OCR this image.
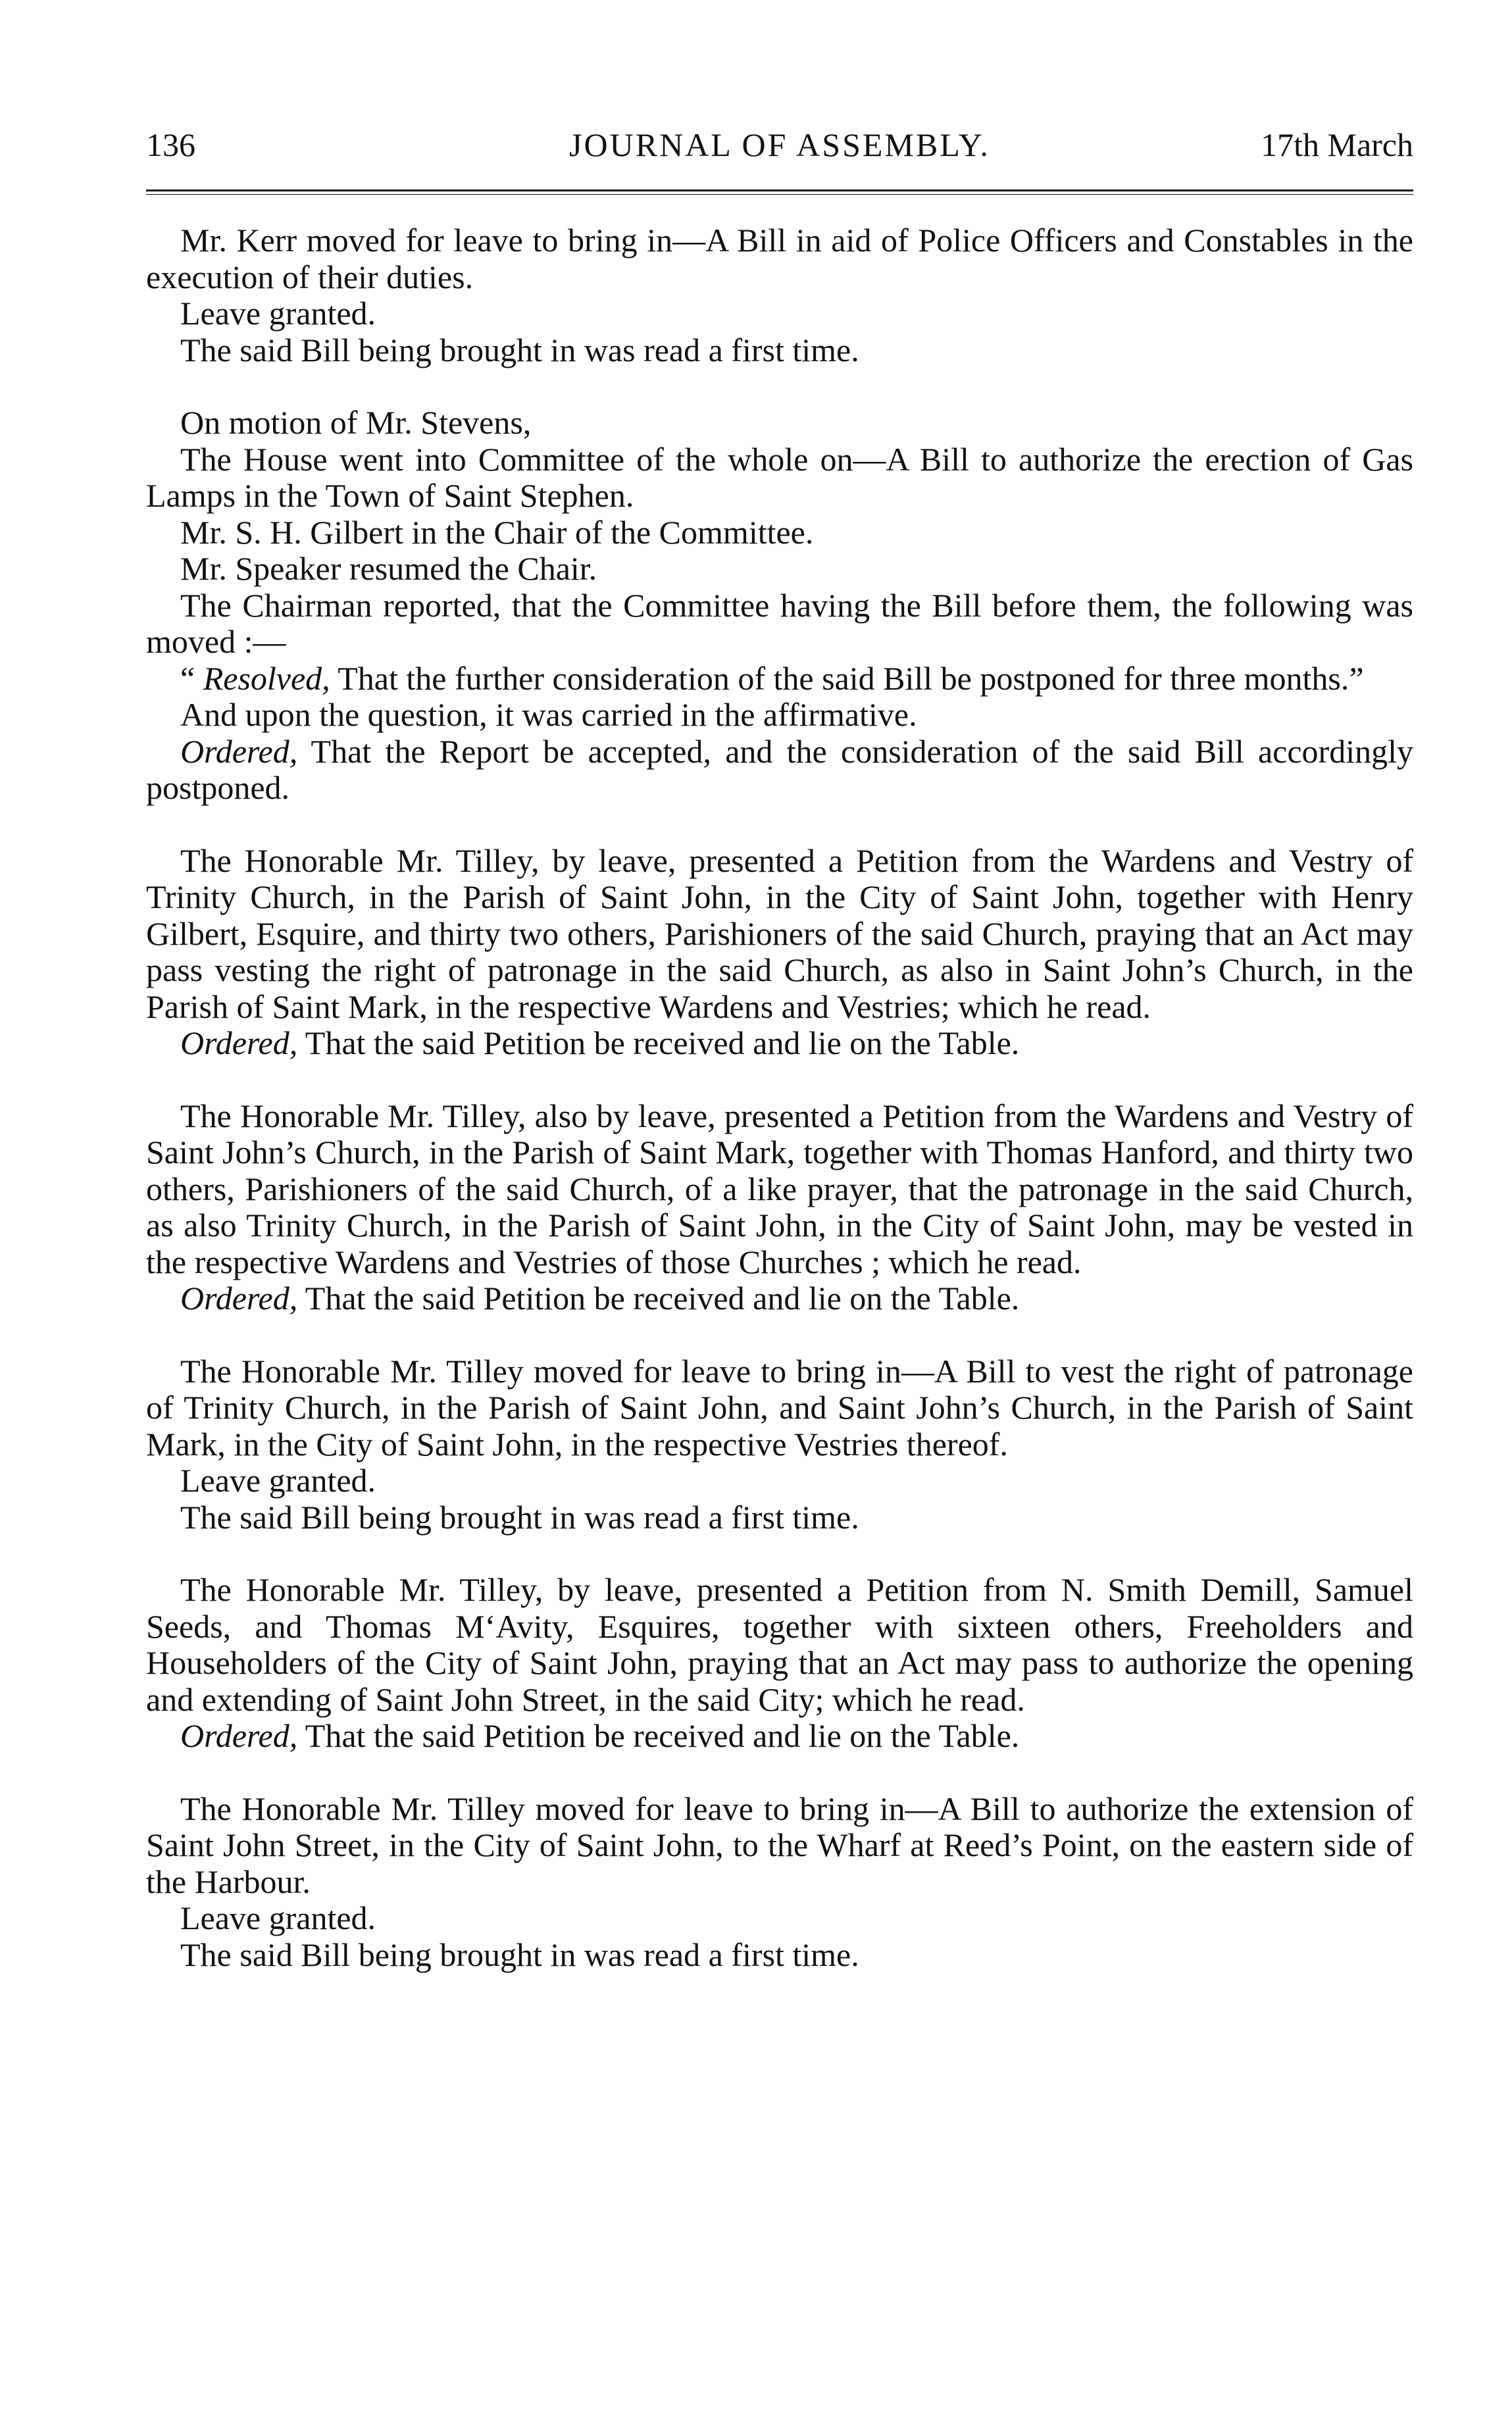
136	JOURNAL OF ASSEMBLY.	17th March

Mr. Kerr moved for leave to bring in—A Bill in aid of Police Officers and Constables in the execution of their duties.

Leave granted.

The said Bill being brought in was read a first time.

On motion of Mr. Stevens,

The House went into Committee of the whole on—A Bill to authorize the erection of Gas Lamps in the Town of Saint Stephen.

Mr. S. H. Gilbert in the Chair of the Committee.

Mr. Speaker resumed the Chair.

The Chairman reported, that the Committee having the Bill before them, the following was moved :—

“ Resolved, That the further consideration of the said Bill be postponed for three months.”

And upon the question, it was carried in the affirmative.

Ordered, That the Report be accepted, and the consideration of the said Bill accordingly postponed.

The Honorable Mr. Tilley, by leave, presented a Petition from the Wardens and Vestry of Trinity Church, in the Parish of Saint John, in the City of Saint John, together with Henry Gilbert, Esquire, and thirty two others, Parishioners of the said Church, praying that an Act may pass vesting the right of patronage in the said Church, as also in Saint John’s Church, in the Parish of Saint Mark, in the respective Wardens and Vestries; which he read.

Ordered, That the said Petition be received and lie on the Table.

The Honorable Mr. Tilley, also by leave, presented a Petition from the Wardens and Vestry of Saint John’s Church, in the Parish of Saint Mark, together with Thomas Hanford, and thirty two others, Parishioners of the said Church, of a like prayer, that the patronage in the said Church, as also Trinity Church, in the Parish of Saint John, in the City of Saint John, may be vested in the respective Wardens and Vestries of those Churches ; which he read.

Ordered, That the said Petition be received and lie on the Table.

The Honorable Mr. Tilley moved for leave to bring in—A Bill to vest the right of patronage of Trinity Church, in the Parish of Saint John, and Saint John’s Church, in the Parish of Saint Mark, in the City of Saint John, in the respective Vestries thereof.

Leave granted.

The said Bill being brought in was read a first time.

The Honorable Mr. Tilley, by leave, presented a Petition from N. Smith Demill, Samuel Seeds, and Thomas M‘Avity, Esquires, together with sixteen others, Freeholders and Householders of the City of Saint John, praying that an Act may pass to authorize the opening and extending of Saint John Street, in the said City; which he read.

Ordered, That the said Petition be received and lie on the Table.

The Honorable Mr. Tilley moved for leave to bring in—A Bill to authorize the extension of Saint John Street, in the City of Saint John, to the Wharf at Reed’s Point, on the eastern side of the Harbour.

Leave granted.

The said Bill being brought in was read a first time.
